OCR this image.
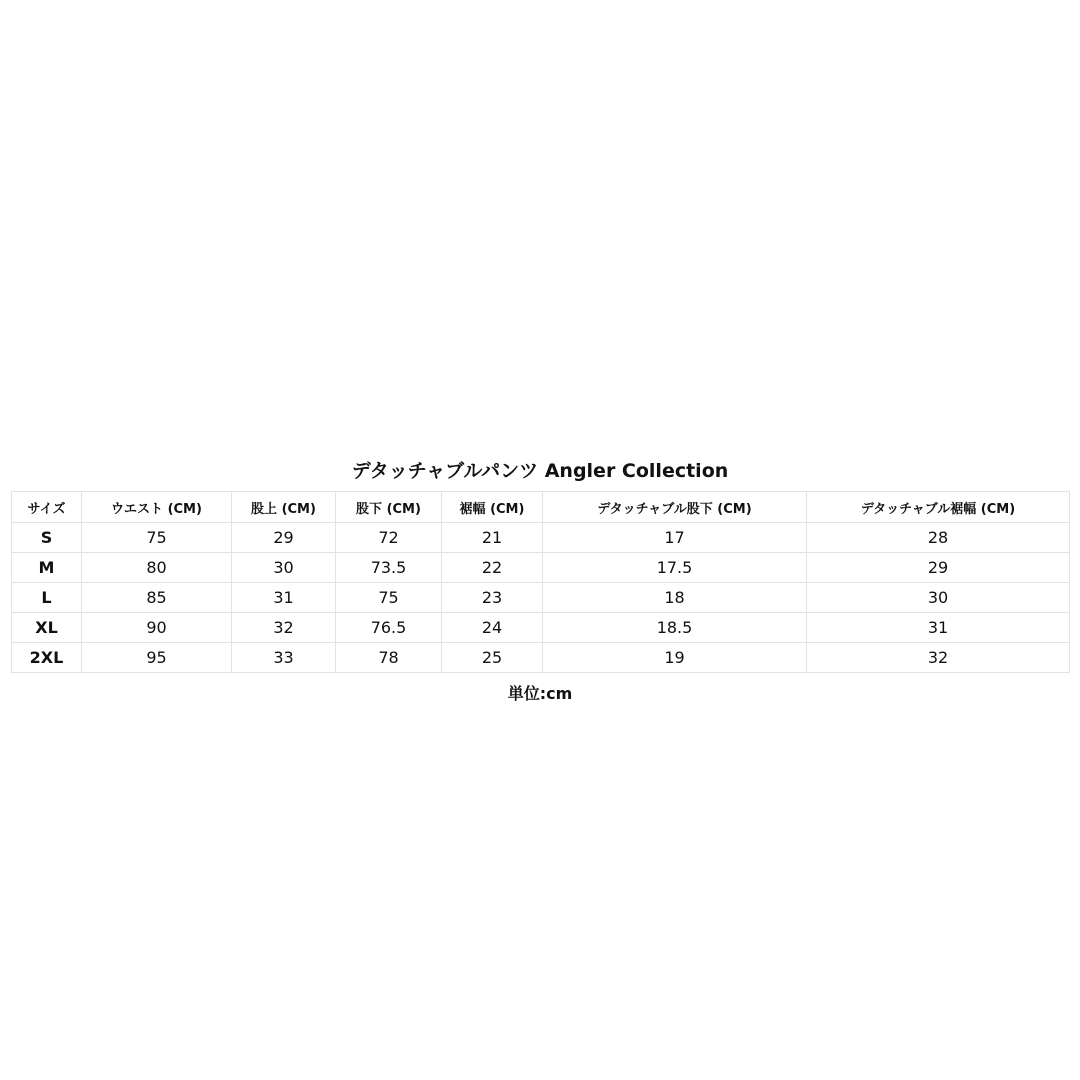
デタッチャブルパンツ Angler Collection
サイズ	ウエスト (CM)	股上 (CM)	股下 (CM)	裾幅 (CM)	デタッチャブル股下 (CM)	デタッチャブル裾幅 (CM)
S	75	29	72	21	17	28
M	80	30	73.5	22	17.5	29
L	85	31	75	23	18	30
XL	90	32	76.5	24	18.5	31
2XL	95	33	78	25	19	32
単位:cm
